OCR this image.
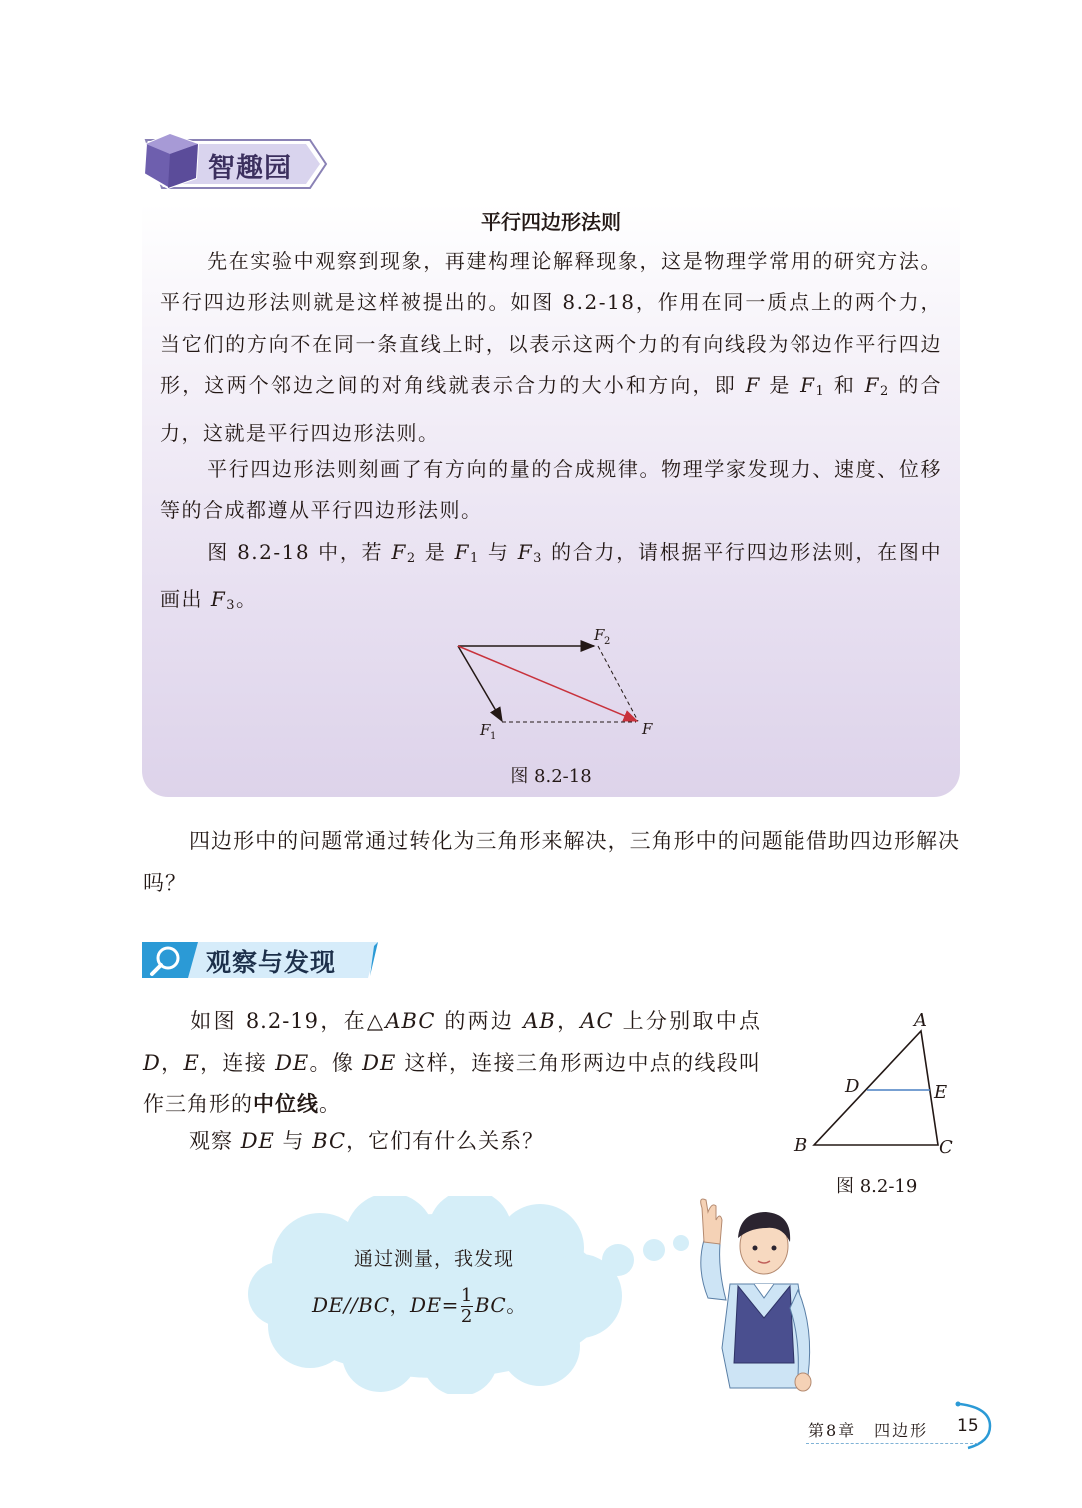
智趣园
平行四边形法则
先在实验中观察到现象，再建构理论解释现象，这是物理学常用的研究方法。平行四边形法则就是这样被提出的。如图 8.2-18，作用在同一质点上的两个力，当它们的方向不在同一条直线上时，以表示这两个力的有向线段为邻边作平行四边形，这两个邻边之间的对角线就表示合力的大小和方向，即 F 是 $F_1$ 和 $F_2$ 的合力，这就是平行四边形法则。
平行四边形法则刻画了有方向的量的合成规律。物理学家发现力、速度、位移等的合成都遵从平行四边形法则。
图 8.2-18 中，若 $F_2$ 是 $F_1$ 与 $F_3$ 的合力，请根据平行四边形法则，在图中画出 $F_3$。
F 2
F 1	F
图 8.2-18
四边形中的问题常通过转化为三角形来解决，三角形中的问题能借助四边形解决吗？
观察与发现
如图 8.2-19，在△ABC 的两边 AB，AC 上分别取中点 D，E，连接 DE。像 DE 这样，连接三角形两边中点的线段叫作三角形的中位线。
观察 DE 与 BC，它们有什么关系？
A
B	C
D	E
图 8.2-19
通过测量，我发现
DE//BC，$DE= \frac{1}{2}$ BC。
第8章　四边形 15
